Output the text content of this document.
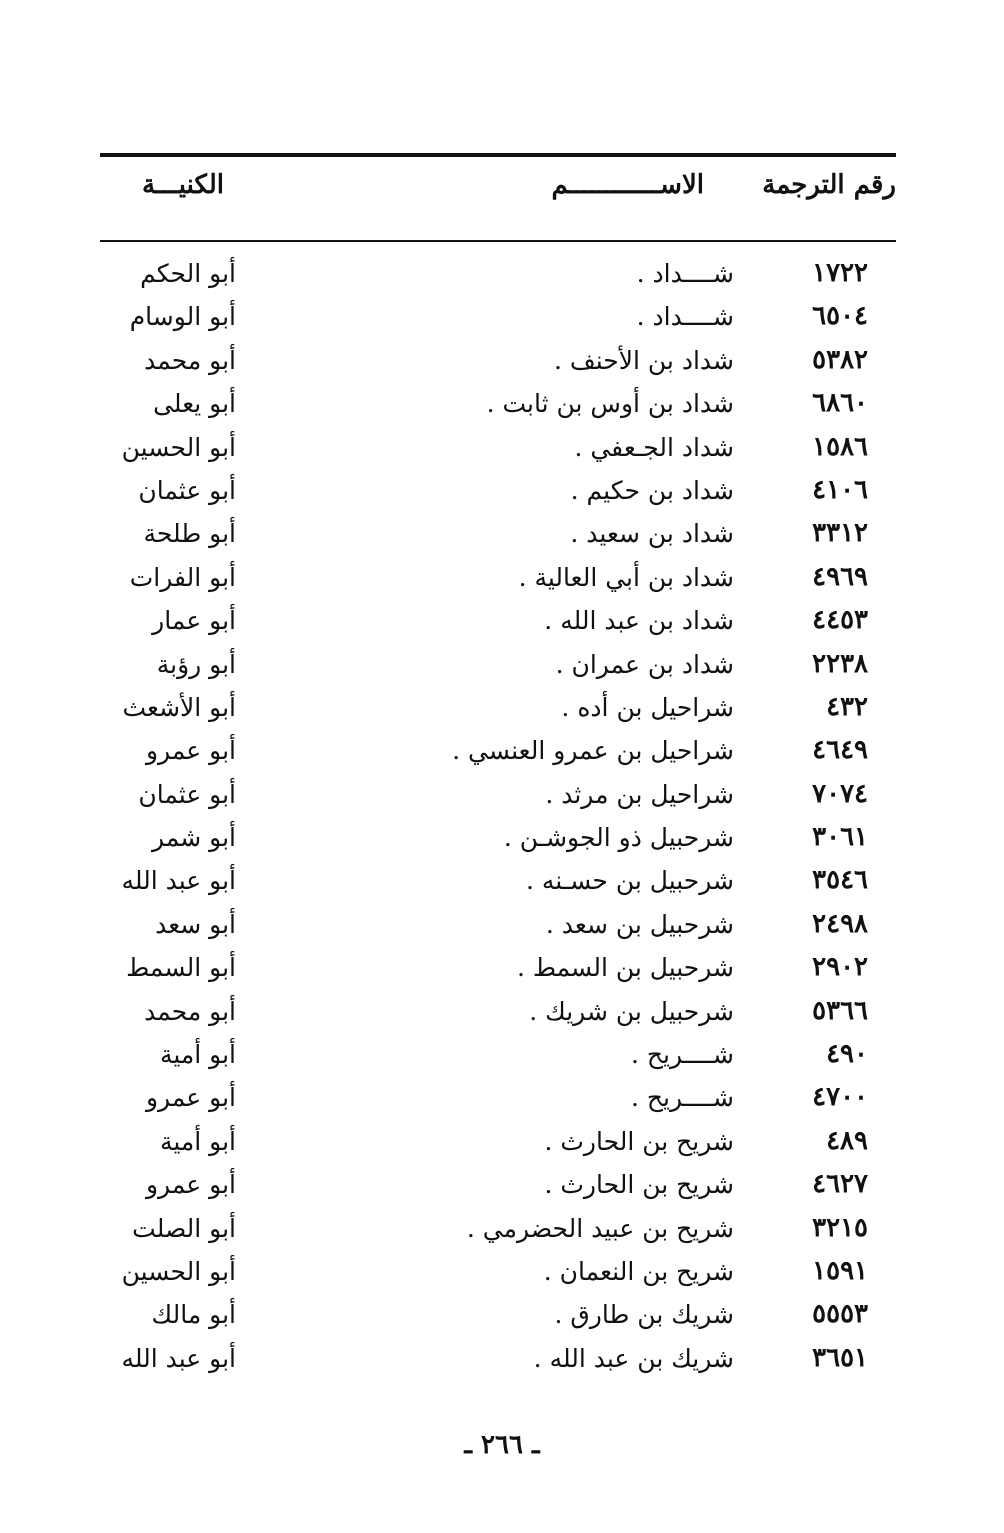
رقم الترجمة
الاســــــــــــم
الكنيـــة
١٧٢٢
شــــداد .
أبو الحكم
٦٥٠٤
شــــداد .
أبو الوسام
٥٣٨٢
شداد بن الأحنف .
أبو محمد
٦٨٦٠
شداد بن أوس بن ثابت .
أبو يعلى
١٥٨٦
شداد الجـعفي .
أبو الحسين
٤١٠٦
شداد بن حكيم .
أبو عثمان
٣٣١٢
شداد بن سعيد .
أبو طلحة
٤٩٦٩
شداد بن أبي العالية .
أبو الفرات
٤٤٥٣
شداد بن عبد الله .
أبو عمار
٢٢٣٨
شداد بن عمران .
أبو رؤبة
٤٣٢
شراحيل بن أده .
أبو الأشعث
٤٦٤٩
شراحيل بن عمرو العنسي .
أبو عمرو
٧٠٧٤
شراحيل بن مرثد .
أبو عثمان
٣٠٦١
شرحبيل ذو الجوشـن .
أبو شمر
٣٥٤٦
شرحبيل بن حسـنه .
أبو عبد الله
٢٤٩٨
شرحبيل بن سعد .
أبو سعد
٢٩٠٢
شرحبيل بن السمط .
أبو السمط
٥٣٦٦
شرحبيل بن شريك .
أبو محمد
٤٩٠
شــــريح .
أبو أمية
٤٧٠٠
شــــريح .
أبو عمرو
٤٨٩
شريح بن الحارث .
أبو أمية
٤٦٢٧
شريح بن الحارث .
أبو عمرو
٣٢١٥
شريح بن عبيد الحضرمي .
أبو الصلت
١٥٩١
شريح بن النعمان .
أبو الحسين
٥٥٥٣
شريك بن طارق .
أبو مالك
٣٦٥١
شريك بن عبد الله .
أبو عبد الله
ـ ٢٦٦ ـ
